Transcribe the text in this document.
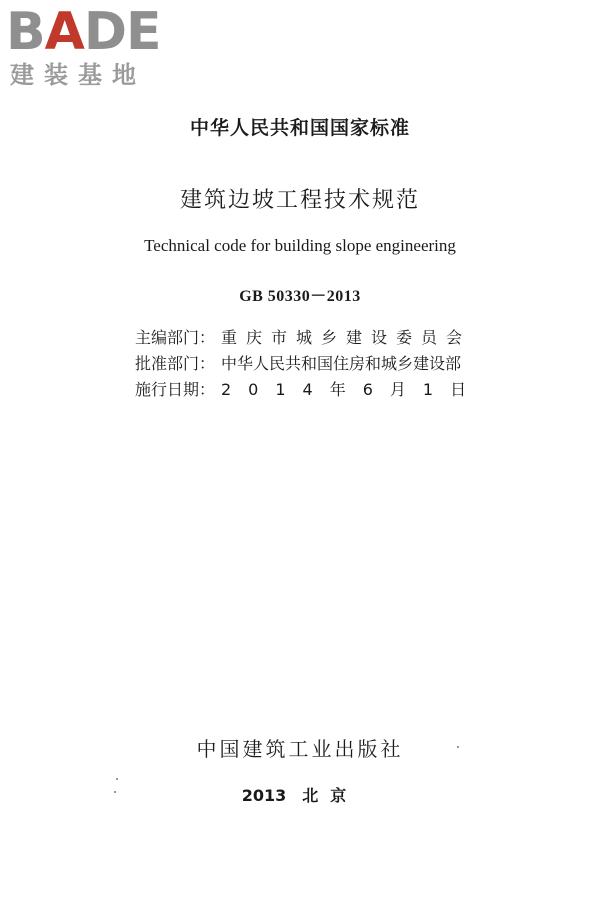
BADE
建装基地
中华人民共和国国家标准
建筑边坡工程技术规范
Technical code for building slope engineering
GB 50330－2013
主编部门： 重庆市城乡建设委员会
批准部门： 中华人民共和国住房和城乡建设部
施行日期： 2014年6月1日
中国建筑工业出版社
2013 北京
